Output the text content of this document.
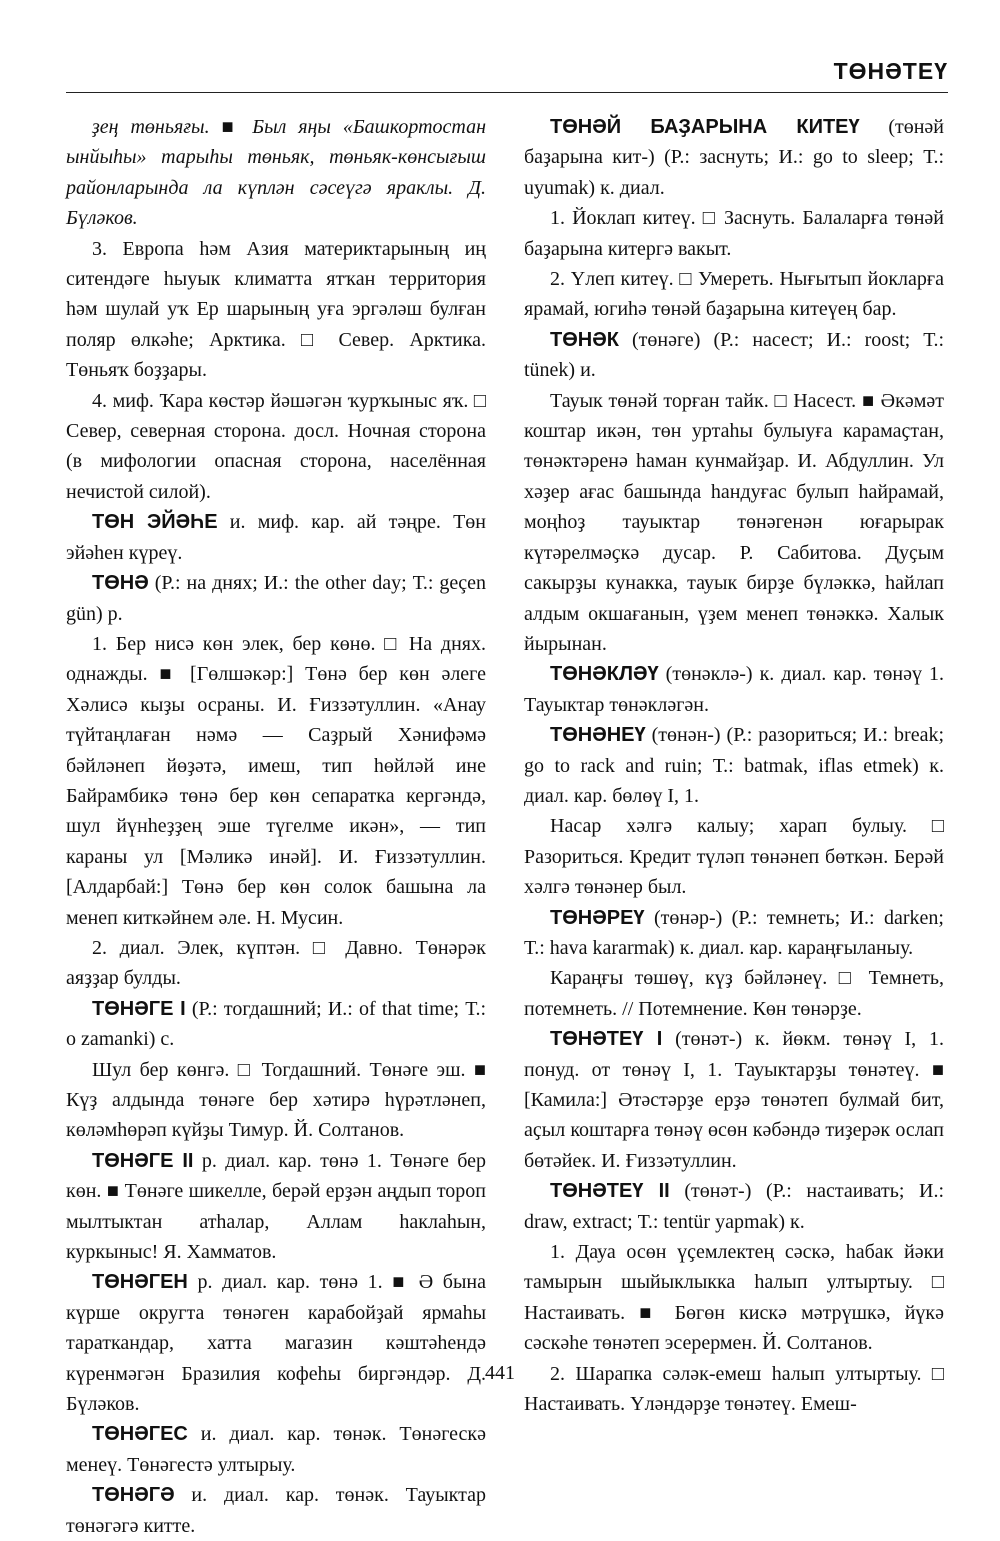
ТӨНӘТЕҮ

ҙең төньяғы. ■ Был яңы «Башкортостан ынйыһы» тарыһы төньяк, төньяк-көнсығыш районларында ла күплән сәсеүгә яраклы. Д. Бүләков.

3. Европа һәм Азия материктарының иң ситендәге һыуык климатта ятҡан территория һәм шулай уҡ Ер шарының уға эргәләш булған поляр өлкәһе; Арктика. □ Север. Арктика. Төньяҡ боҙҙары.

4. миф. Ҡара көстәр йәшәгән ҡурҡыныс яҡ. □ Север, северная сторона. досл. Ночная сторона (в мифологии опасная сторона, населённая нечистой силой).

ТӨН ЭЙӘҺЕ и. миф. кар. ай тәңре. Төн эйәһен күреү.

ТӨНӘ (Р.: на днях; И.: the other day; Т.: geçen gün) р.

1. Бер нисә көн элек, бер көнө. □ На днях. однажды. ■ [Гөлшәкәр:] Төнә бер көн әлеге Хәлисә кыҙы осраны. И. Ғиззәтуллин. «Анау түйтаңлаған нәмә — Саҙрый Хәнифәмә бәйләнеп йөҙәтә, имеш, тип һөйләй ине Байрамбикә төнә бер көн сепаратка кергәндә, шул йүнһеҙҙең эше түгелме икән», — тип караны ул [Мәликә инәй]. И. Ғиззәтуллин. [Алдарбай:] Төнә бер көн солок башына ла менеп киткәйнем әле. Н. Мусин.

2. диал. Элек, күптән. □ Давно. Төнәрәк аяҙҙар булды.

ТӨНӘГЕ I (Р.: тогдашний; И.: of that time; Т.: o zamanki) с.

Шул бер көнгә. □ Тогдашний. Төнәге эш. ■ Күҙ алдында төнәге бер хәтирә һүрәтләнеп, көләмһөрәп күйҙы Тимур. Й. Солтанов.

ТӨНӘГЕ II р. диал. кар. төнә 1. Төнәге бер көн. ■ Төнәге шикелле, берәй ерҙән аңдып тороп мылтыктан атһалар, Аллам һаклаһын, куркыныс! Я. Хамматов.

ТӨНӘГЕН р. диал. кар. төнә 1. ■ Ә бына күрше округта төнәген карабойҙай ярмаһы тараткандар, хатта магазин кәштәһендә күренмәгән Бразилия кофеһы биргәндәр. Д. Бүләков.

ТӨНӘГЕС и. диал. кар. төнәк. Төнәгескә менеү. Төнәгестә ултырыу.

ТӨНӘГӘ и. диал. кар. төнәк. Тауыктар төнәгәгә китте.

ТӨНӘЙ БАҘАРЫНА КИТЕҮ (төнәй баҙарына кит-) (Р.: заснуть; И.: go to sleep; Т.: uyumak) к. диал.

1. Йоклап китеү. □ Заснуть. Балаларға төнәй баҙарына китергә вакыт.

2. Үлеп китеү. □ Умереть. Нығытып йокларға ярамай, югиһә төнәй баҙарына китеүең бар.

ТӨНӘК (төнәге) (Р.: насест; И.: roost; Т.: tünek) и.

Тауык төнәй торған тайк. □ Насест. ■ Әкәмәт коштар икән, төн уртаһы булыуға карамаҫтан, төнәктәренә һаман кунмайҙар. И. Абдуллин. Ул хәҙер ағас башында һандуғас булып һайрамай, моңһоҙ тауыктар төнәгенән юғарырак күтәрелмәҫкә дусар. Р. Сабитова. Дуҫым сакырҙы кунакка, тауык бирҙе бүләккә, һайлап алдым окшағанын, үҙем менеп төнәккә. Халык йырынан.

ТӨНӘКЛӘҮ (төнәклә-) к. диал. кар. төнәү 1. Тауыктар төнәкләгән.

ТӨНӘНЕҮ (төнән-) (Р.: разориться; И.: break; go to rack and ruin; Т.: batmak, iflas etmek) к. диал. кар. бөлөү I, 1.

Насар хәлгә калыу; харап булыу. □ Разориться. Кредит түләп төнәнеп бөткән. Берәй хәлгә төнәнер был.

ТӨНӘРЕҮ (төнәр-) (Р.: темнеть; И.: darken; Т.: hava kararmak) к. диал. кар. караңғыланыу.

Караңғы төшөү, күҙ бәйләнеү. □ Темнеть, потемнеть. // Потемнение. Көн төнәрҙе.

ТӨНӘТЕҮ I (төнәт-) к. йөкм. төнәү I, 1. понуд. от төнәү I, 1. Тауыктарҙы төнәтеү. ■ [Камила:] Әтәстәрҙе ерҙә төнәтеп булмай бит, аҫыл коштарға төнәү өсөн кәбәндә тиҙерәк ослап бөтәйек. И. Ғиззәтуллин.

ТӨНӘТЕҮ II (төнәт-) (Р.: настаивать; И.: draw, extract; Т.: tentür yapmak) к.

1. Дауа осөн үҫемлектең сәскә, һабак йәки тамырын шыйыклыкка һалып ултыртыу. □ Настаивать. ■ Бөгөн кискә мәтрүшкә, йүкә сәскәһе төнәтеп эсерермен. Й. Солтанов.

2. Шарапка сәләк-емеш һалып ултыртыу. □ Настаивать. Үләндәрҙе төнәтеү. Емеш-

441
